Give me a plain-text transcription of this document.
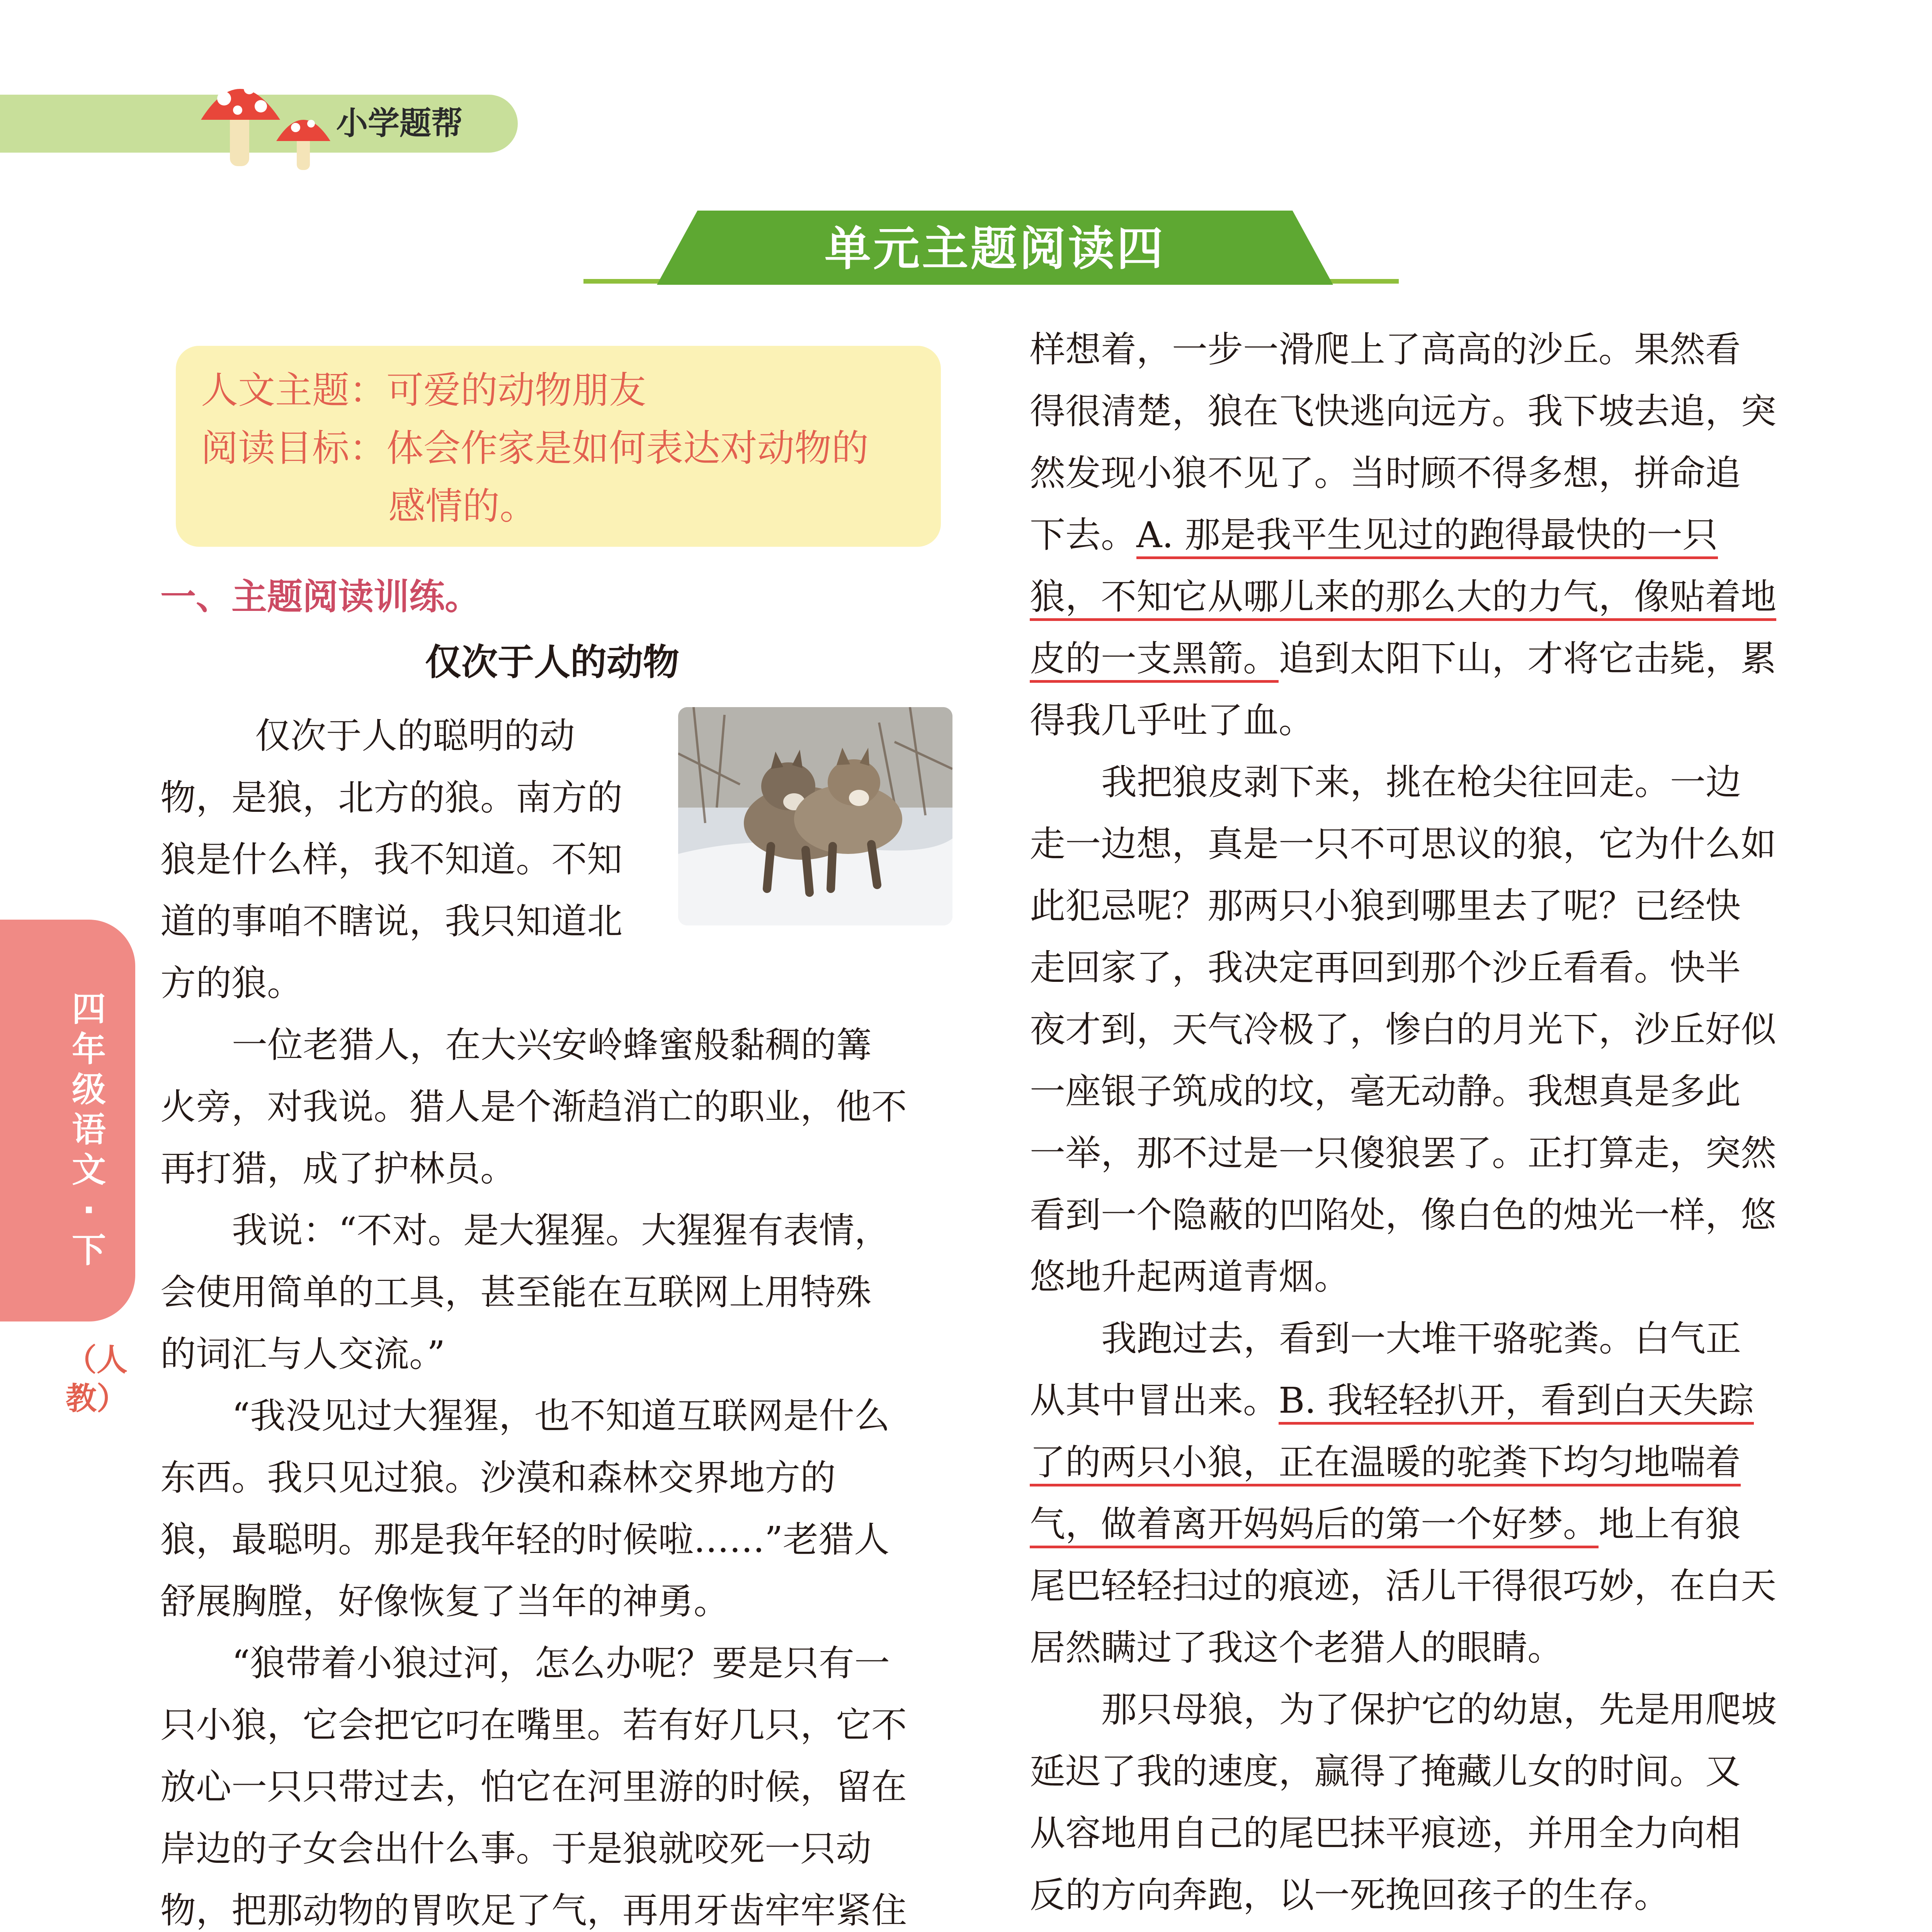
小学题帮
单元主题阅读四
四年级语文 · 下
（人教）
人文主题：可爱的动物朋友
阅读目标：体会作家是如何表达对动物的
感情的。
一、主题阅读训练。
仅次于人的动物
仅次于人的聪明的动
物，是狼，北方的狼。南方的
狼是什么样，我不知道。不知
道的事咱不瞎说，我只知道北
方的狼。
一位老猎人，在大兴安岭蜂蜜般黏稠的篝
火旁，对我说。猎人是个渐趋消亡的职业，他不
再打猎，成了护林员。
我说：“不对。是大猩猩。大猩猩有表情，
会使用简单的工具，甚至能在互联网上用特殊
的词汇与人交流。”
“我没见过大猩猩，也不知道互联网是什么
东西。我只见过狼。沙漠和森林交界地方的
狼，最聪明。那是我年轻的时候啦……”老猎人
舒展胸膛，好像恢复了当年的神勇。
“狼带着小狼过河，怎么办呢？要是只有一
只小狼，它会把它叼在嘴里。若有好几只，它不
放心一只只带过去，怕它在河里游的时候，留在
岸边的子女会出什么事。于是狼就咬死一只动
物，把那动物的胃吹足了气，再用牙齿牢牢紧住
样想着，一步一滑爬上了高高的沙丘。果然看
得很清楚，狼在飞快逃向远方。我下坡去追，突
然发现小狼不见了。当时顾不得多想，拼命追
下去。A. 那是我平生见过的跑得最快的一只
狼，不知它从哪儿来的那么大的力气，像贴着地
皮的一支黑箭。追到太阳下山，才将它击毙，累
得我几乎吐了血。
我把狼皮剥下来，挑在枪尖往回走。一边
走一边想，真是一只不可思议的狼，它为什么如
此犯忌呢？那两只小狼到哪里去了呢？已经快
走回家了，我决定再回到那个沙丘看看。快半
夜才到，天气冷极了，惨白的月光下，沙丘好似
一座银子筑成的坟，毫无动静。我想真是多此
一举，那不过是一只傻狼罢了。正打算走，突然
看到一个隐蔽的凹陷处，像白色的烛光一样，悠
悠地升起两道青烟。
我跑过去，看到一大堆干骆驼粪。白气正
从其中冒出来。B. 我轻轻扒开，看到白天失踪
了的两只小狼，正在温暖的驼粪下均匀地喘着
气，做着离开妈妈后的第一个好梦。地上有狼
尾巴轻轻扫过的痕迹，活儿干得很巧妙，在白天
居然瞒过了我这个老猎人的眼睛。
那只母狼，为了保护它的幼崽，先是用爬坡
延迟了我的速度，赢得了掩藏儿女的时间。又
从容地用自己的尾巴抹平痕迹，并用全力向相
反的方向奔跑，以一死挽回孩子的生存。
